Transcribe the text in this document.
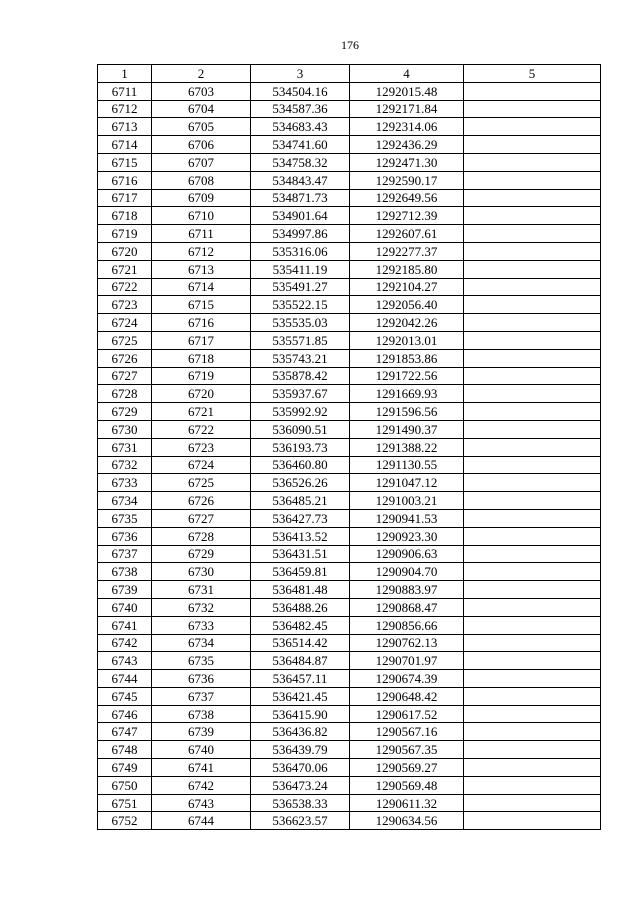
176
1	2	3	4	5
6711	6703	534504.16	1292015.48	
6712	6704	534587.36	1292171.84	
6713	6705	534683.43	1292314.06	
6714	6706	534741.60	1292436.29	
6715	6707	534758.32	1292471.30	
6716	6708	534843.47	1292590.17	
6717	6709	534871.73	1292649.56	
6718	6710	534901.64	1292712.39	
6719	6711	534997.86	1292607.61	
6720	6712	535316.06	1292277.37	
6721	6713	535411.19	1292185.80	
6722	6714	535491.27	1292104.27	
6723	6715	535522.15	1292056.40	
6724	6716	535535.03	1292042.26	
6725	6717	535571.85	1292013.01	
6726	6718	535743.21	1291853.86	
6727	6719	535878.42	1291722.56	
6728	6720	535937.67	1291669.93	
6729	6721	535992.92	1291596.56	
6730	6722	536090.51	1291490.37	
6731	6723	536193.73	1291388.22	
6732	6724	536460.80	1291130.55	
6733	6725	536526.26	1291047.12	
6734	6726	536485.21	1291003.21	
6735	6727	536427.73	1290941.53	
6736	6728	536413.52	1290923.30	
6737	6729	536431.51	1290906.63	
6738	6730	536459.81	1290904.70	
6739	6731	536481.48	1290883.97	
6740	6732	536488.26	1290868.47	
6741	6733	536482.45	1290856.66	
6742	6734	536514.42	1290762.13	
6743	6735	536484.87	1290701.97	
6744	6736	536457.11	1290674.39	
6745	6737	536421.45	1290648.42	
6746	6738	536415.90	1290617.52	
6747	6739	536436.82	1290567.16	
6748	6740	536439.79	1290567.35	
6749	6741	536470.06	1290569.27	
6750	6742	536473.24	1290569.48	
6751	6743	536538.33	1290611.32	
6752	6744	536623.57	1290634.56	
